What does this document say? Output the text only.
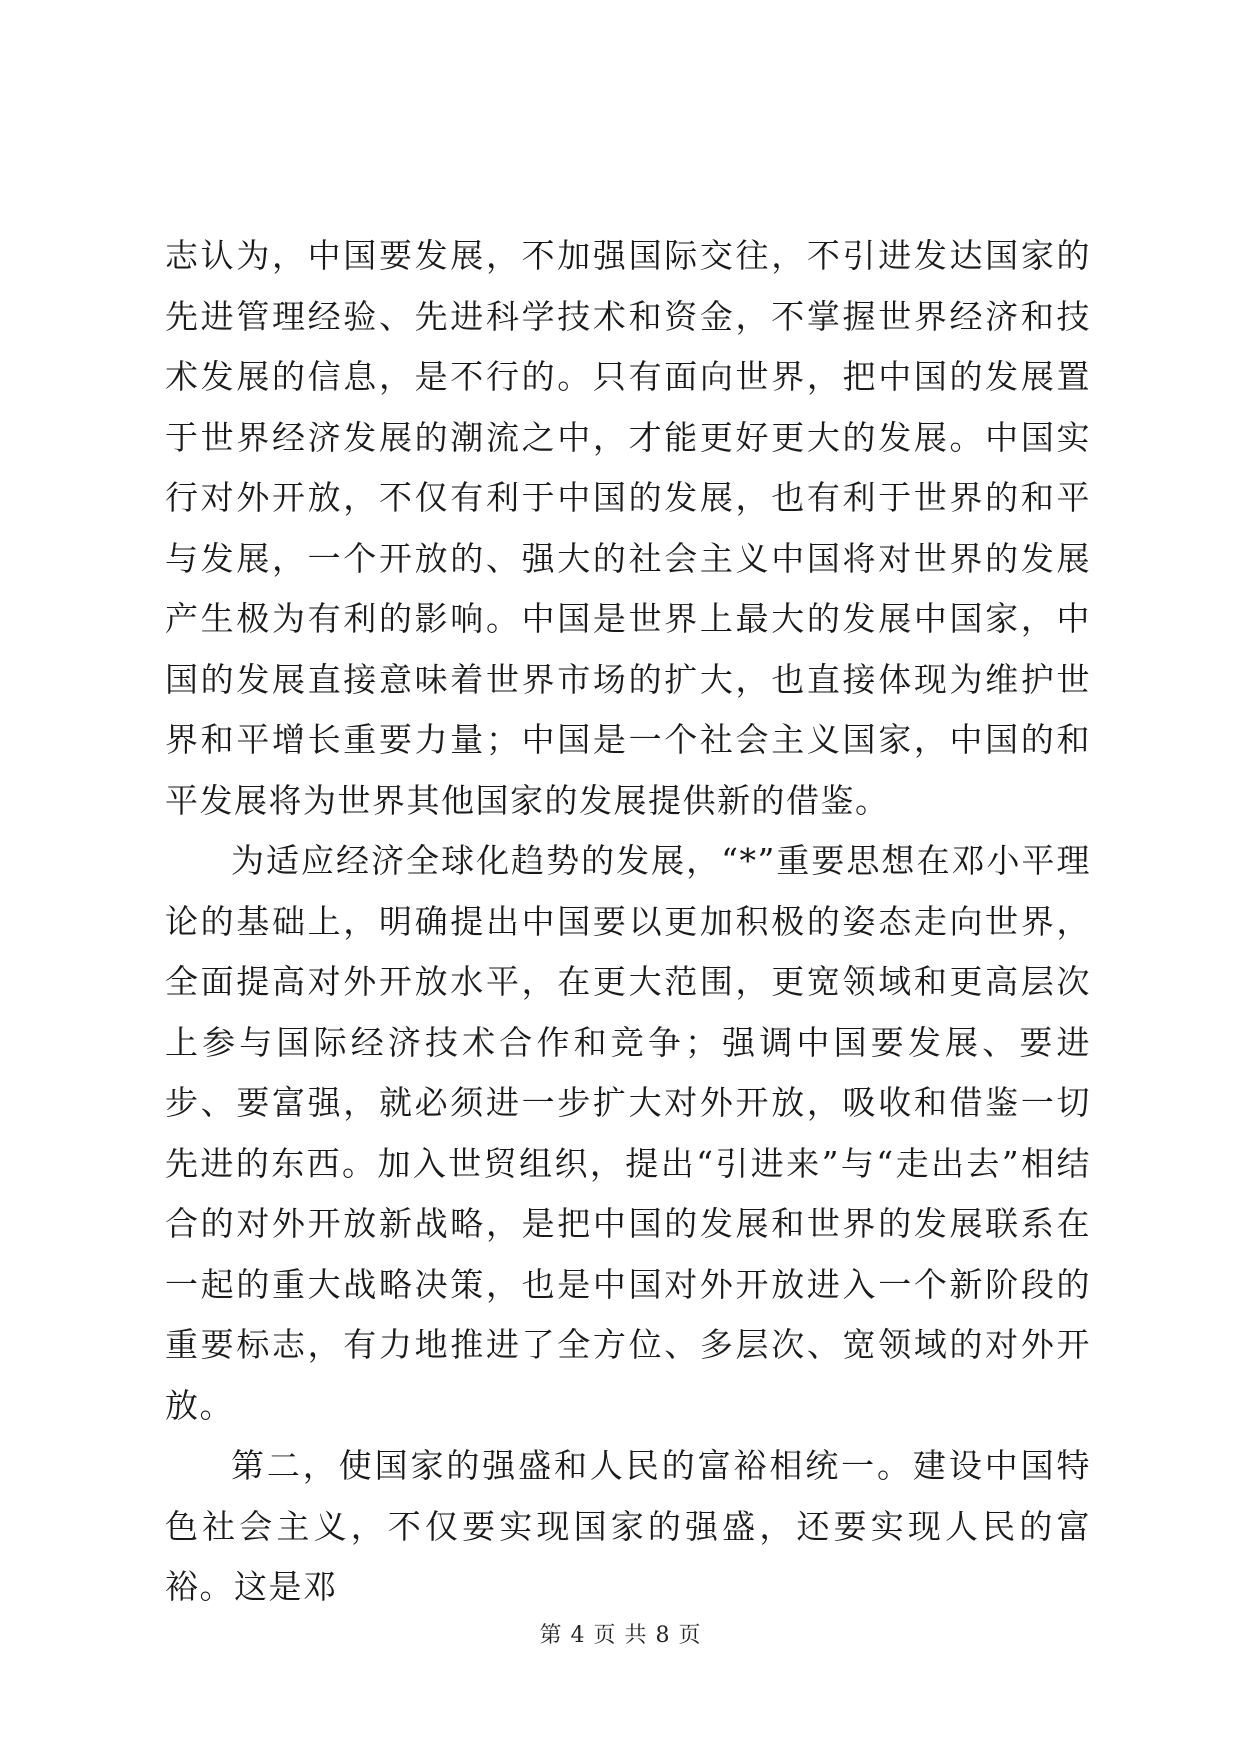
志认为，中国要发展，不加强国际交往，不引进发达国家的先进管理经验、先进科学技术和资金，不掌握世界经济和技术发展的信息，是不行的。只有面向世界，把中国的发展置于世界经济发展的潮流之中，才能更好更大的发展。中国实行对外开放，不仅有利于中国的发展，也有利于世界的和平与发展，一个开放的、强大的社会主义中国将对世界的发展产生极为有利的影响。中国是世界上最大的发展中国家，中国的发展直接意味着世界市场的扩大，也直接体现为维护世界和平增长重要力量；中国是一个社会主义国家，中国的和平发展将为世界其他国家的发展提供新的借鉴。

为适应经济全球化趋势的发展，“*”重要思想在邓小平理论的基础上，明确提出中国要以更加积极的姿态走向世界，全面提高对外开放水平，在更大范围，更宽领域和更高层次上参与国际经济技术合作和竞争；强调中国要发展、要进步、要富强，就必须进一步扩大对外开放，吸收和借鉴一切先进的东西。加入世贸组织，提出“引进来”与“走出去”相结合的对外开放新战略，是把中国的发展和世界的发展联系在一起的重大战略决策，也是中国对外开放进入一个新阶段的重要标志，有力地推进了全方位、多层次、宽领域的对外开放。

第二，使国家的强盛和人民的富裕相统一。建设中国特色社会主义，不仅要实现国家的强盛，还要实现人民的富裕。这是邓

第 4 页 共 8 页
